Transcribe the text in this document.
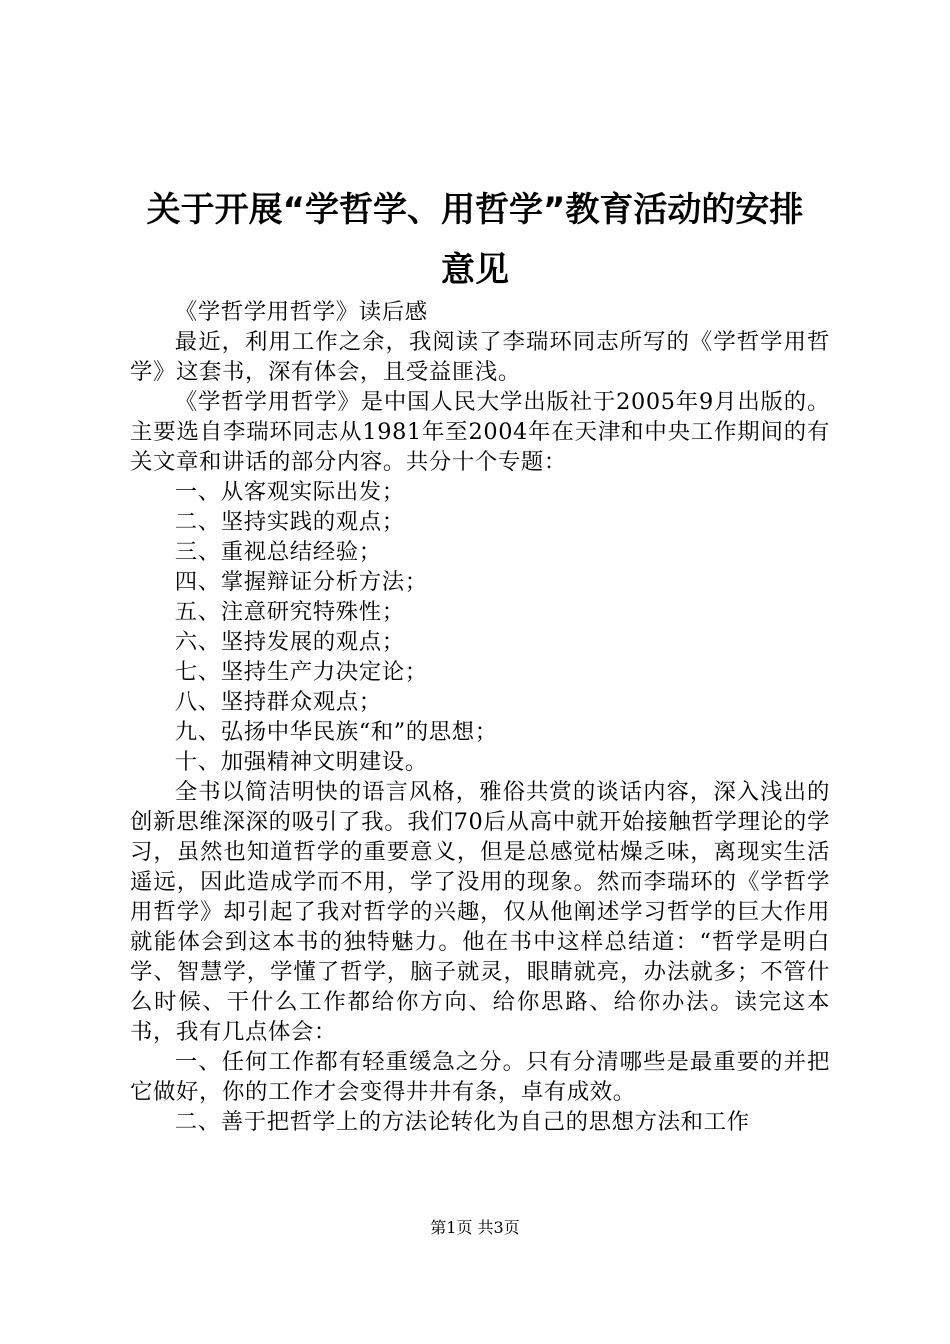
关于开展“学哲学、用哲学”教育活动的安排
意见

《学哲学用哲学》读后感

最近，利用工作之余，我阅读了李瑞环同志所写的《学哲学用哲学》这套书，深有体会，且受益匪浅。

《学哲学用哲学》是中国人民大学出版社于2005年9月出版的。主要选自李瑞环同志从1981年至2004年在天津和中央工作期间的有关文章和讲话的部分内容。共分十个专题：

一、从客观实际出发；

二、坚持实践的观点；

三、重视总结经验；

四、掌握辩证分析方法；

五、注意研究特殊性；

六、坚持发展的观点；

七、坚持生产力决定论；

八、坚持群众观点；

九、弘扬中华民族“和”的思想；

十、加强精神文明建设。

全书以简洁明快的语言风格，雅俗共赏的谈话内容，深入浅出的创新思维深深的吸引了我。我们70后从高中就开始接触哲学理论的学习，虽然也知道哲学的重要意义，但是总感觉枯燥乏味，离现实生活遥远，因此造成学而不用，学了没用的现象。然而李瑞环的《学哲学用哲学》却引起了我对哲学的兴趣，仅从他阐述学习哲学的巨大作用就能体会到这本书的独特魅力。他在书中这样总结道：“哲学是明白学、智慧学，学懂了哲学，脑子就灵，眼睛就亮，办法就多；不管什么时候、干什么工作都给你方向、给你思路、给你办法。读完这本书，我有几点体会：

一、任何工作都有轻重缓急之分。只有分清哪些是最重要的并把它做好，你的工作才会变得井井有条，卓有成效。

二、善于把哲学上的方法论转化为自己的思想方法和工作

第1页 共3页
